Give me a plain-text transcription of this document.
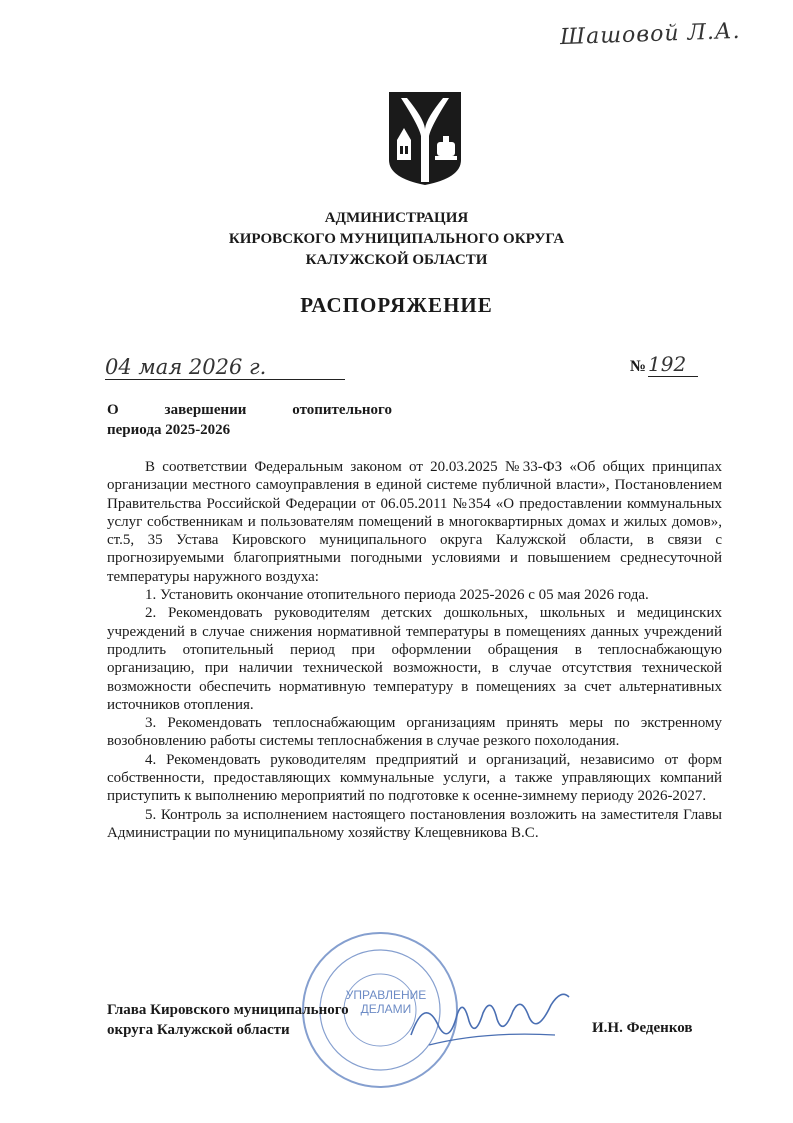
Шашовой Л.А.
АДМИНИСТРАЦИЯ
КИРОВСКОГО МУНИЦИПАЛЬНОГО ОКРУГА
КАЛУЖСКОЙ ОБЛАСТИ
РАСПОРЯЖЕНИЕ
04 мая 2026 г.	№ 192
О завершении отопительного
периода 2025-2026

В соответствии Федеральным законом от 20.03.2025 №33-ФЗ «Об общих принципах организации местного самоуправления в единой системе публичной власти», Постановлением Правительства Российской Федерации от 06.05.2011 №354 «О предоставлении коммунальных услуг собственникам и пользователям помещений в многоквартирных домах и жилых домов», ст.5, 35 Устава Кировского муниципального округа Калужской области, в связи с прогнозируемыми благоприятными погодными условиями и повышением среднесуточной температуры наружного воздуха:

1. Установить окончание отопительного периода 2025-2026 с 05 мая 2026 года.

2. Рекомендовать руководителям детских дошкольных, школьных и медицинских учреждений в случае снижения нормативной температуры в помещениях данных учреждений продлить отопительный период при оформлении обращения в теплоснабжающую организацию, при наличии технической возможности, в случае отсутствия технической возможности обеспечить нормативную температуру в помещениях за счет альтернативных источников отопления.

3. Рекомендовать теплоснабжающим организациям принять меры по экстренному возобновлению работы системы теплоснабжения в случае резкого похолодания.

4. Рекомендовать руководителям предприятий и организаций, независимо от форм собственности, предоставляющих коммунальные услуги, а также управляющих компаний приступить к выполнению мероприятий по подготовке к осенне-зимнему периоду 2026-2027.

5. Контроль за исполнением настоящего постановления возложить на заместителя Главы Администрации по муниципальному хозяйству Клещевникова В.С.

УПРАВЛЕНИЕ
ДЕЛАМИ
Глава Кировского муниципального
округа Калужской области	И.Н. Феденков
